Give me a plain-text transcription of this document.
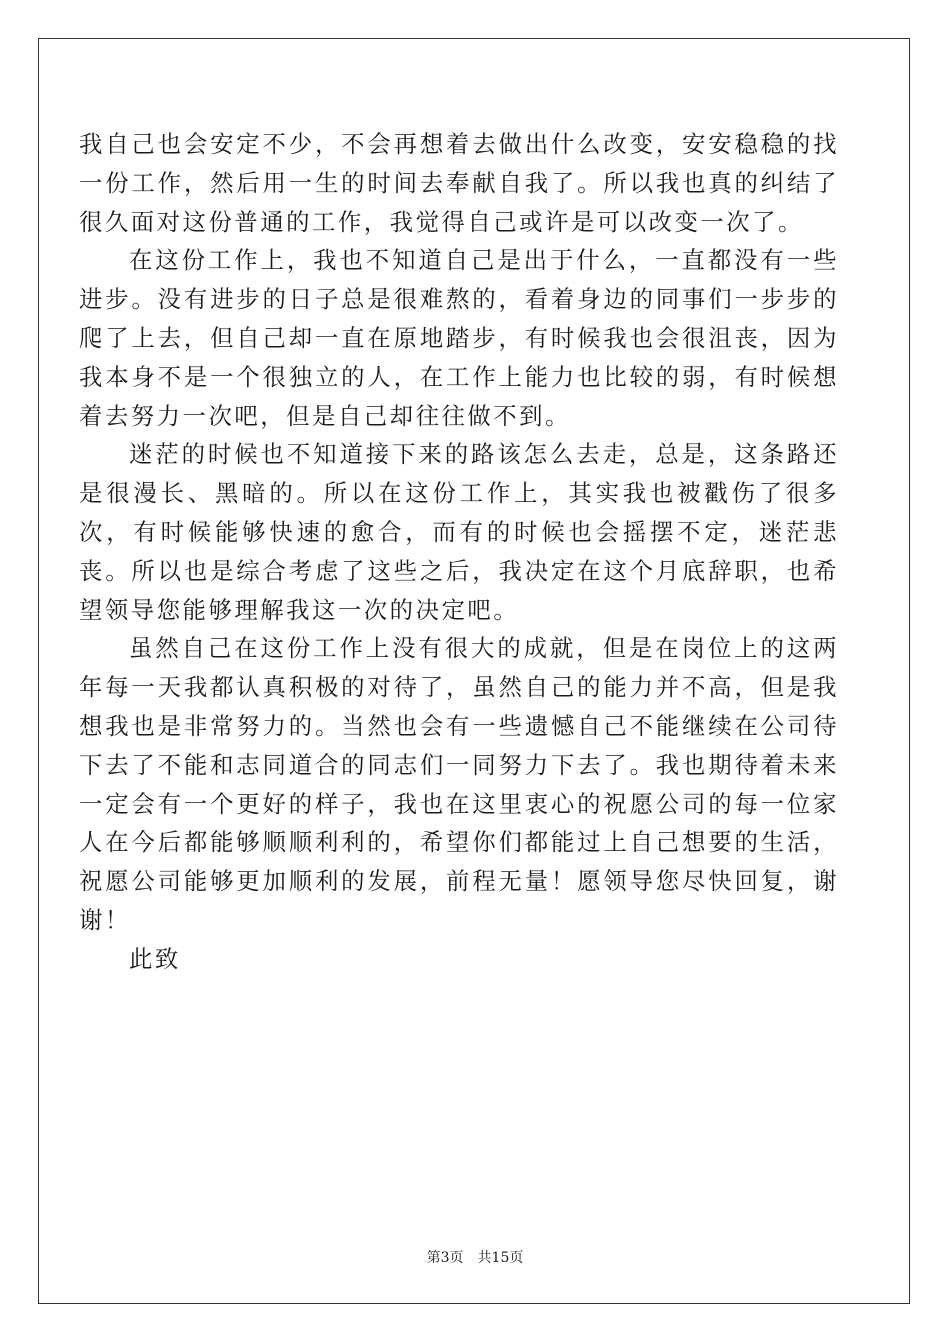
我自己也会安定不少，不会再想着去做出什么改变，安安稳稳的找一份工作，然后用一生的时间去奉献自我了。所以我也真的纠结了很久面对这份普通的工作，我觉得自己或许是可以改变一次了。

在这份工作上，我也不知道自己是出于什么，一直都没有一些进步。没有进步的日子总是很难熬的，看着身边的同事们一步步的爬了上去，但自己却一直在原地踏步，有时候我也会很沮丧，因为我本身不是一个很独立的人，在工作上能力也比较的弱，有时候想着去努力一次吧，但是自己却往往做不到。

迷茫的时候也不知道接下来的路该怎么去走，总是，这条路还是很漫长、黑暗的。所以在这份工作上，其实我也被戳伤了很多次，有时候能够快速的愈合，而有的时候也会摇摆不定，迷茫悲丧。所以也是综合考虑了这些之后，我决定在这个月底辞职，也希望领导您能够理解我这一次的决定吧。

虽然自己在这份工作上没有很大的成就，但是在岗位上的这两年每一天我都认真积极的对待了，虽然自己的能力并不高，但是我想我也是非常努力的。当然也会有一些遗憾自己不能继续在公司待下去了不能和志同道合的同志们一同努力下去了。我也期待着未来一定会有一个更好的样子，我也在这里衷心的祝愿公司的每一位家人在今后都能够顺顺利利的，希望你们都能过上自己想要的生活，祝愿公司能够更加顺利的发展，前程无量！愿领导您尽快回复，谢谢！

此致

第3页 共15页
